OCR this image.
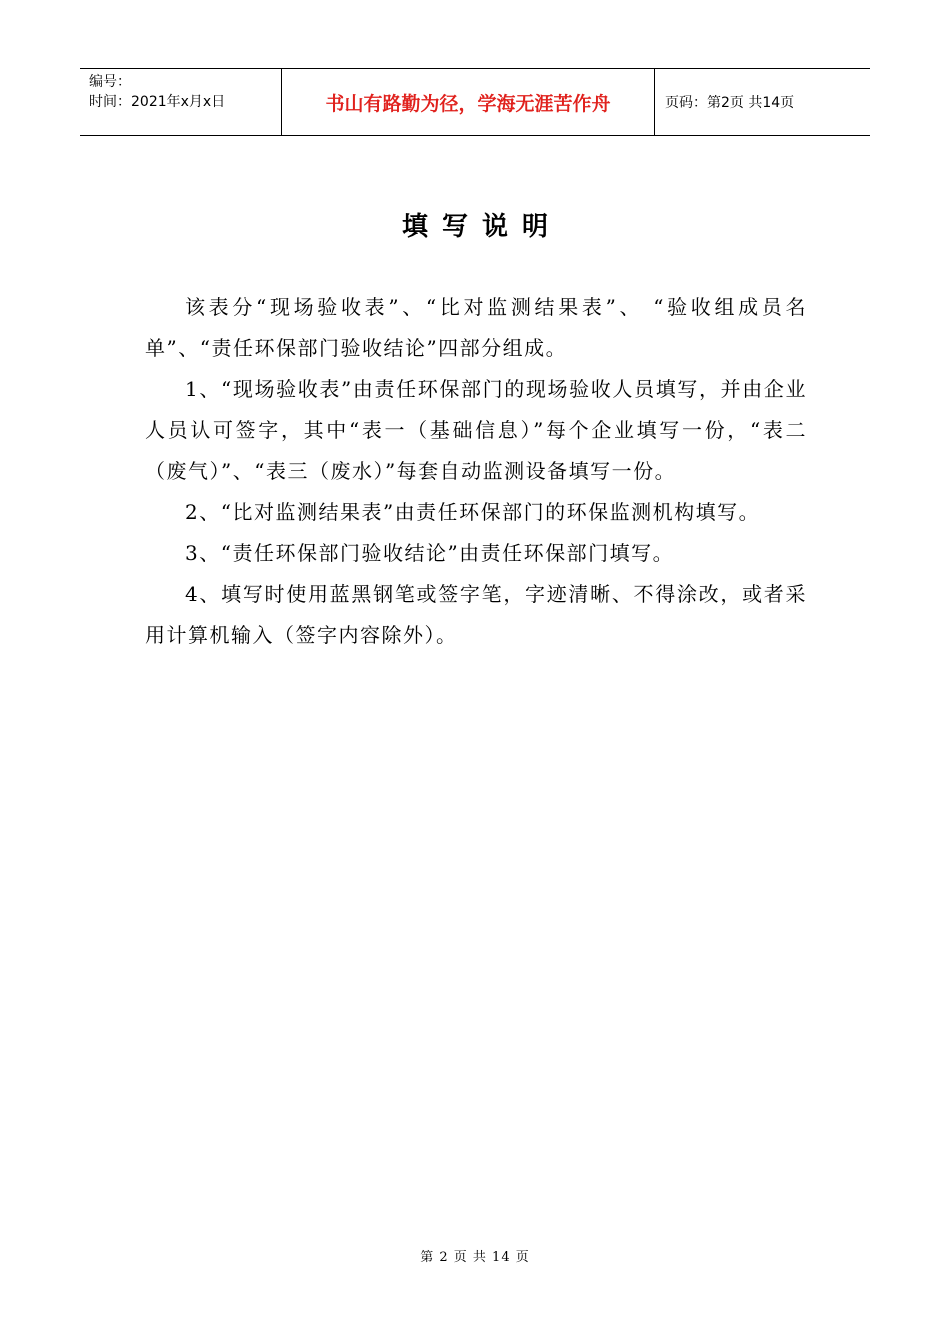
编号：
时间：2021年x月x日	书山有路勤为径，学海无涯苦作舟	页码：第2页 共14页
填写说明

该表分“现场验收表”、“比对监测结果表”、 “验收组成员名单”、“责任环保部门验收结论”四部分组成。

1、“现场验收表”由责任环保部门的现场验收人员填写，并由企业人员认可签字，其中“表一（基础信息）”每个企业填写一份，“表二（废气）”、“表三（废水）”每套自动监测设备填写一份。

2、“比对监测结果表”由责任环保部门的环保监测机构填写。

3、“责任环保部门验收结论”由责任环保部门填写。

4、填写时使用蓝黑钢笔或签字笔，字迹清晰、不得涂改，或者采用计算机输入（签字内容除外）。

第 2 页 共 14 页
